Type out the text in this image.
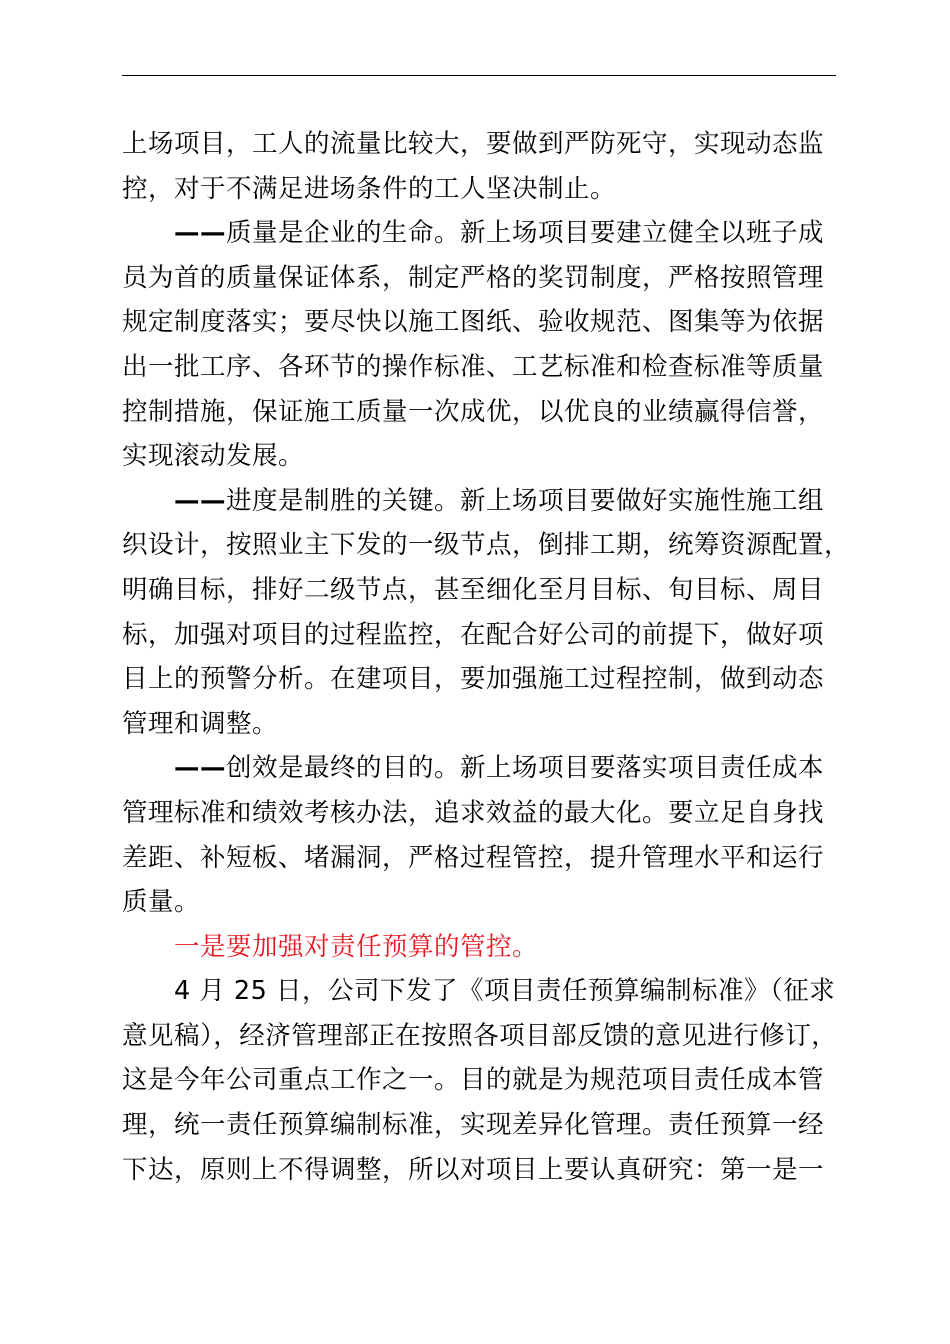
上场项目，工人的流量比较大，要做到严防死守，实现动态监
控，对于不满足进场条件的工人坚决制止。
——质量是企业的生命。新上场项目要建立健全以班子成
员为首的质量保证体系，制定严格的奖罚制度，严格按照管理
规定制度落实；要尽快以施工图纸、验收规范、图集等为依据
出一批工序、各环节的操作标准、工艺标准和检查标准等质量
控制措施，保证施工质量一次成优，以优良的业绩赢得信誉，
实现滚动发展。
——进度是制胜的关键。新上场项目要做好实施性施工组
织设计，按照业主下发的一级节点，倒排工期，统筹资源配置，
明确目标，排好二级节点，甚至细化至月目标、旬目标、周目
标，加强对项目的过程监控，在配合好公司的前提下，做好项
目上的预警分析。在建项目，要加强施工过程控制，做到动态
管理和调整。
——创效是最终的目的。新上场项目要落实项目责任成本
管理标准和绩效考核办法，追求效益的最大化。要立足自身找
差距、补短板、堵漏洞，严格过程管控，提升管理水平和运行
质量。
一是要加强对责任预算的管控。
4 月 25 日，公司下发了《项目责任预算编制标准》（征求
意见稿），经济管理部正在按照各项目部反馈的意见进行修订，
这是今年公司重点工作之一。目的就是为规范项目责任成本管
理，统一责任预算编制标准，实现差异化管理。责任预算一经
下达，原则上不得调整，所以对项目上要认真研究：第一是一
